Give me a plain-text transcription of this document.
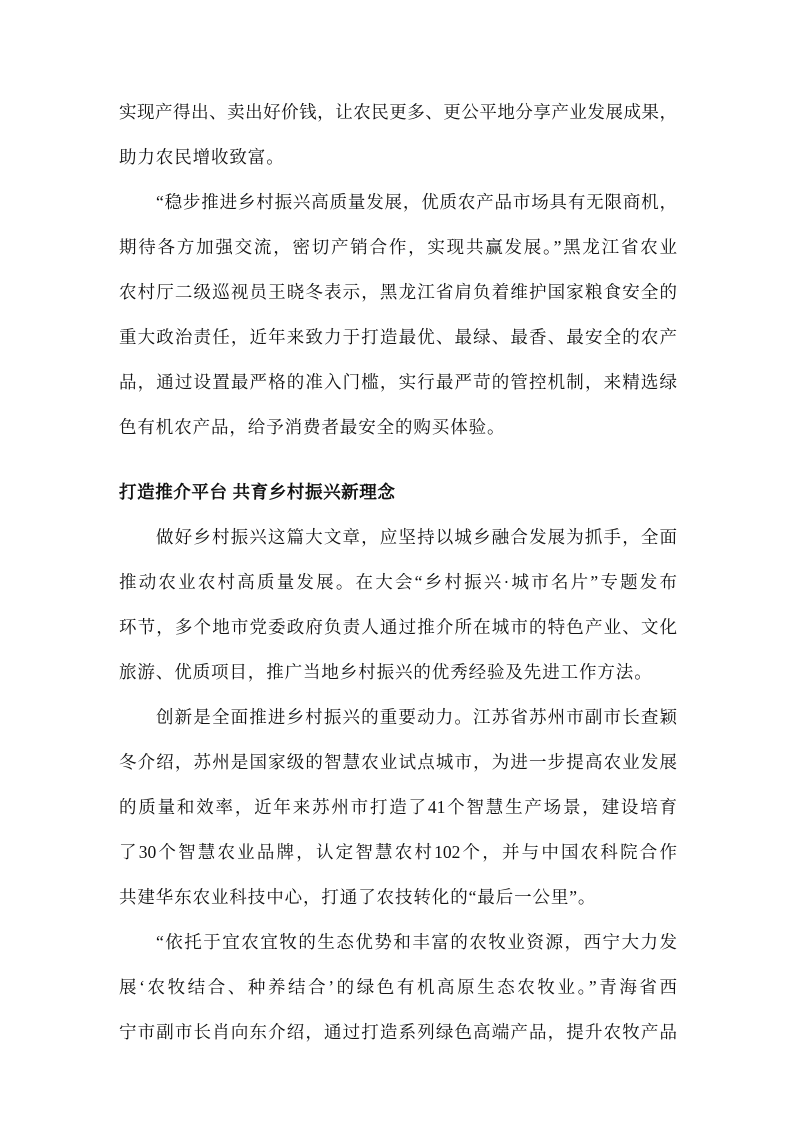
实现产得出、卖出好价钱，让农民更多、更公平地分享产业发展成果，
助力农民增收致富。
“稳步推进乡村振兴高质量发展，优质农产品市场具有无限商机，
期待各方加强交流，密切产销合作，实现共赢发展。”黑龙江省农业
农村厅二级巡视员王晓冬表示，黑龙江省肩负着维护国家粮食安全的
重大政治责任，近年来致力于打造最优、最绿、最香、最安全的农产
品，通过设置最严格的准入门槛，实行最严苛的管控机制，来精选绿
色有机农产品，给予消费者最安全的购买体验。
打造推介平台 共育乡村振兴新理念
做好乡村振兴这篇大文章，应坚持以城乡融合发展为抓手，全面
推动农业农村高质量发展。在大会“乡村振兴·城市名片”专题发布
环节，多个地市党委政府负责人通过推介所在城市的特色产业、文化
旅游、优质项目，推广当地乡村振兴的优秀经验及先进工作方法。
创新是全面推进乡村振兴的重要动力。江苏省苏州市副市长查颖
冬介绍，苏州是国家级的智慧农业试点城市，为进一步提高农业发展
的质量和效率，近年来苏州市打造了41个智慧生产场景，建设培育
了30个智慧农业品牌，认定智慧农村102个，并与中国农科院合作
共建华东农业科技中心，打通了农技转化的“最后一公里”。
“依托于宜农宜牧的生态优势和丰富的农牧业资源，西宁大力发
展‘农牧结合、种养结合’的绿色有机高原生态农牧业。”青海省西
宁市副市长肖向东介绍，通过打造系列绿色高端产品，提升农牧产品
